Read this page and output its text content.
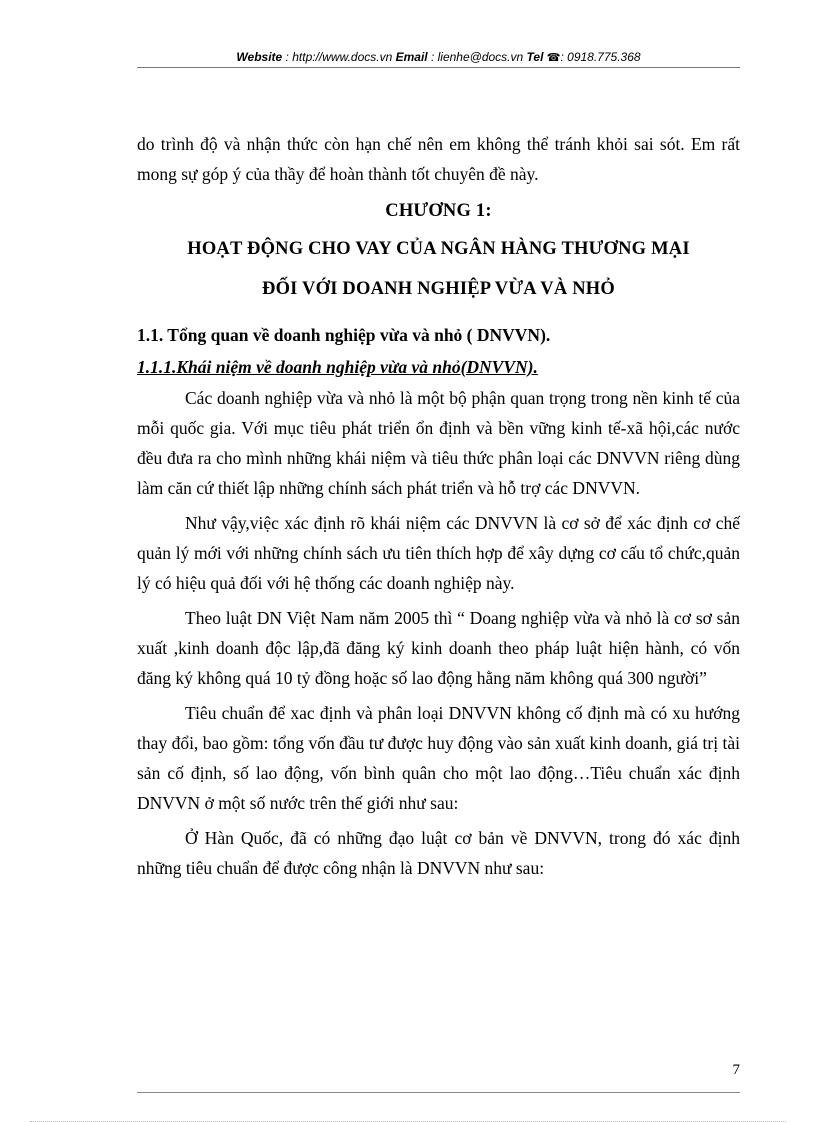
Website : http://www.docs.vn Email : lienhe@docs.vn Tel ☎: 0918.775.368

do trình độ và nhận thức còn hạn chế nên em không thể tránh khỏi sai sót. Em rất mong sự góp ý của thầy để hoàn thành tốt chuyên đề này.

CHƯƠNG 1:

HOẠT ĐỘNG CHO VAY CỦA NGÂN HÀNG THƯƠNG MẠI

ĐỐI VỚI DOANH NGHIỆP VỪA VÀ NHỎ

1.1. Tổng quan về doanh nghiệp vừa và nhỏ ( DNVVN).

1.1.1.Khái niệm về doanh nghiệp vừa và nhỏ(DNVVN).

Các doanh nghiệp vừa và nhỏ là một bộ phận quan trọng trong nền kinh tế của mỗi quốc gia. Với mục tiêu phát triển ổn định và bền vững kinh tế-xã hội,các nước đều đưa ra cho mình những khái niệm và tiêu thức phân loại các DNVVN riêng dùng làm căn cứ thiết lập những chính sách phát triển và hỗ trợ các DNVVN.

Như vậy,việc xác định rõ khái niệm các DNVVN là cơ sở để xác định cơ chế quản lý mới với những chính sách ưu tiên thích hợp để xây dựng cơ cấu tổ chức,quản lý có hiệu quả đối với hệ thống các doanh nghiệp này.

Theo luật DN Việt Nam năm 2005 thì “ Doang nghiệp vừa và nhỏ là cơ sơ sản xuất ,kinh doanh độc lập,đã đăng ký kinh doanh theo pháp luật hiện hành, có vốn đăng ký không quá 10 tỷ đồng hoặc số lao động hằng năm không quá 300 người”

Tiêu chuẩn để xac định và phân loại DNVVN không cố định mà có xu hướng thay đổi, bao gồm: tổng vốn đầu tư được huy động vào sản xuất kinh doanh, giá trị tài sản cố định, số lao động, vốn bình quân cho một lao động…Tiêu chuẩn xác định DNVVN ở một số nước trên thế giới như sau:

Ở Hàn Quốc, đã có những đạo luật cơ bản về DNVVN, trong đó xác định những tiêu chuẩn để được công nhận là DNVVN như sau:

7
